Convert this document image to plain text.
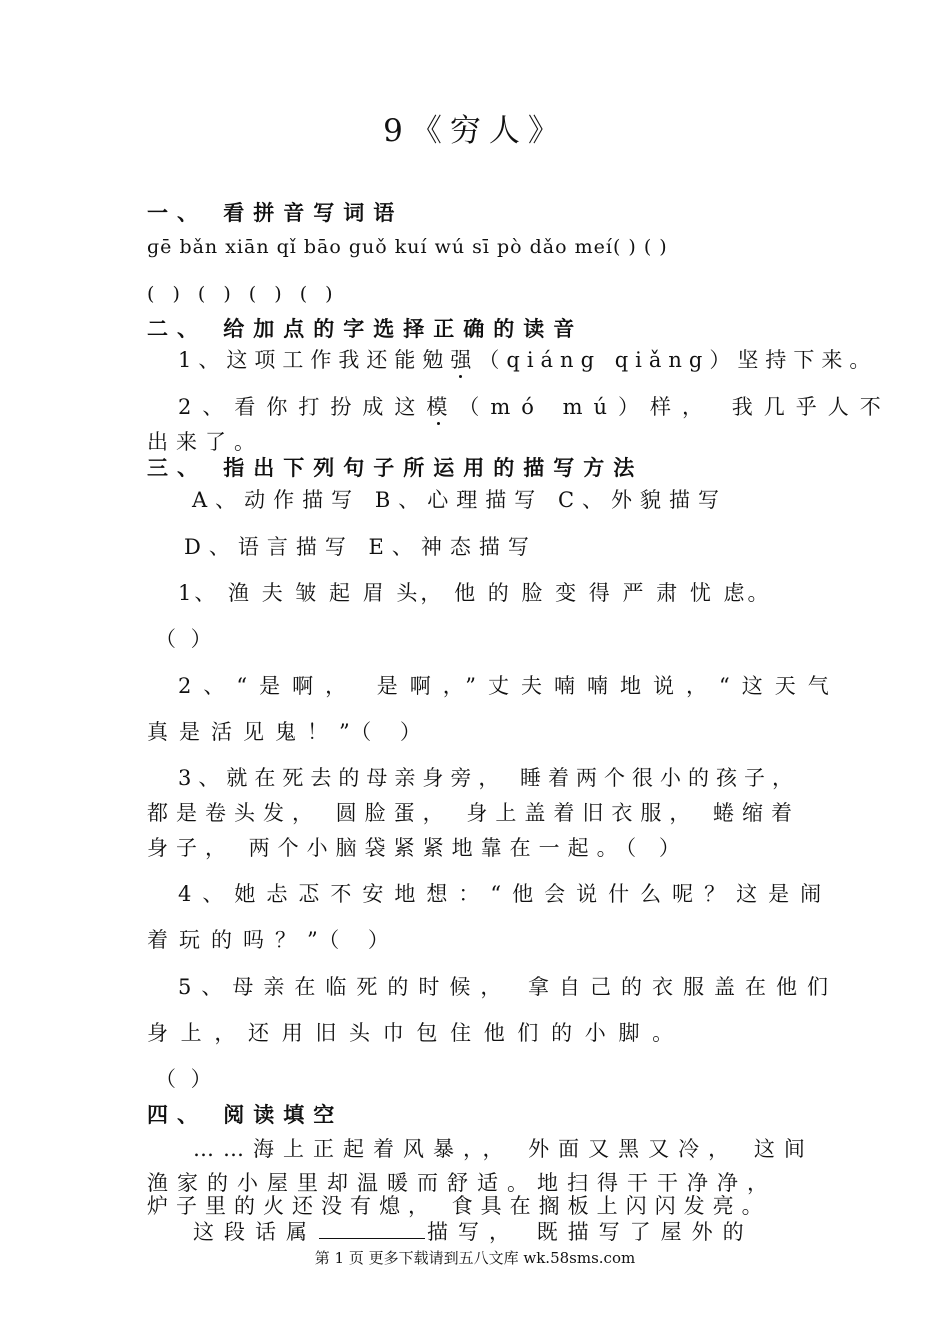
9《穷人》
一、 看拼音写词语
ɡē bǎn xiān qǐ bāo guǒ kuí wú sī pò dǎo meí( ) ( )
( ) ( ) ( ) ( )
二、 给加点的字选择正确的读音
1、这项工作我还能勉强（qiáng qiǎng）坚持下来。
2、看你打扮成这模（mó mú）样， 我几乎人不
出来了。
三、 指出下列句子所运用的描写方法
A、动作描写 B、心理描写 C、外貌描写
D、语言描写 E、神态描写
1、 渔 夫 皱 起 眉 头， 他 的 脸 变 得 严 肃 忧 虑。
（ ）
2、“是啊， 是啊，”丈夫喃喃地说，“这天气
真是活见鬼！”（ ）
3、就在死去的母亲身旁， 睡着两个很小的孩子，
都是卷头发， 圆脸蛋， 身上盖着旧衣服， 蜷缩着
身子， 两个小脑袋紧紧地靠在一起。（ ）
4、她忐忑不安地想：“他会说什么呢？这是闹
着玩的吗？”（ ）
5、母亲在临死的时候， 拿自己的衣服盖在他们
身 上 ， 还 用 旧 头 巾 包 住 他 们 的 小 脚 。
（ ）
四、 阅读填空
……海上正起着风暴，， 外面又黑又冷， 这间
渔家的小屋里却温暖而舒适。地扫得干干净净，
炉子里的火还没有熄， 食具在搁板上闪闪发亮。
这段话属	描写， 既描写了屋外的
第 1 页 更多下载请到五八文库 wk.58sms.com
